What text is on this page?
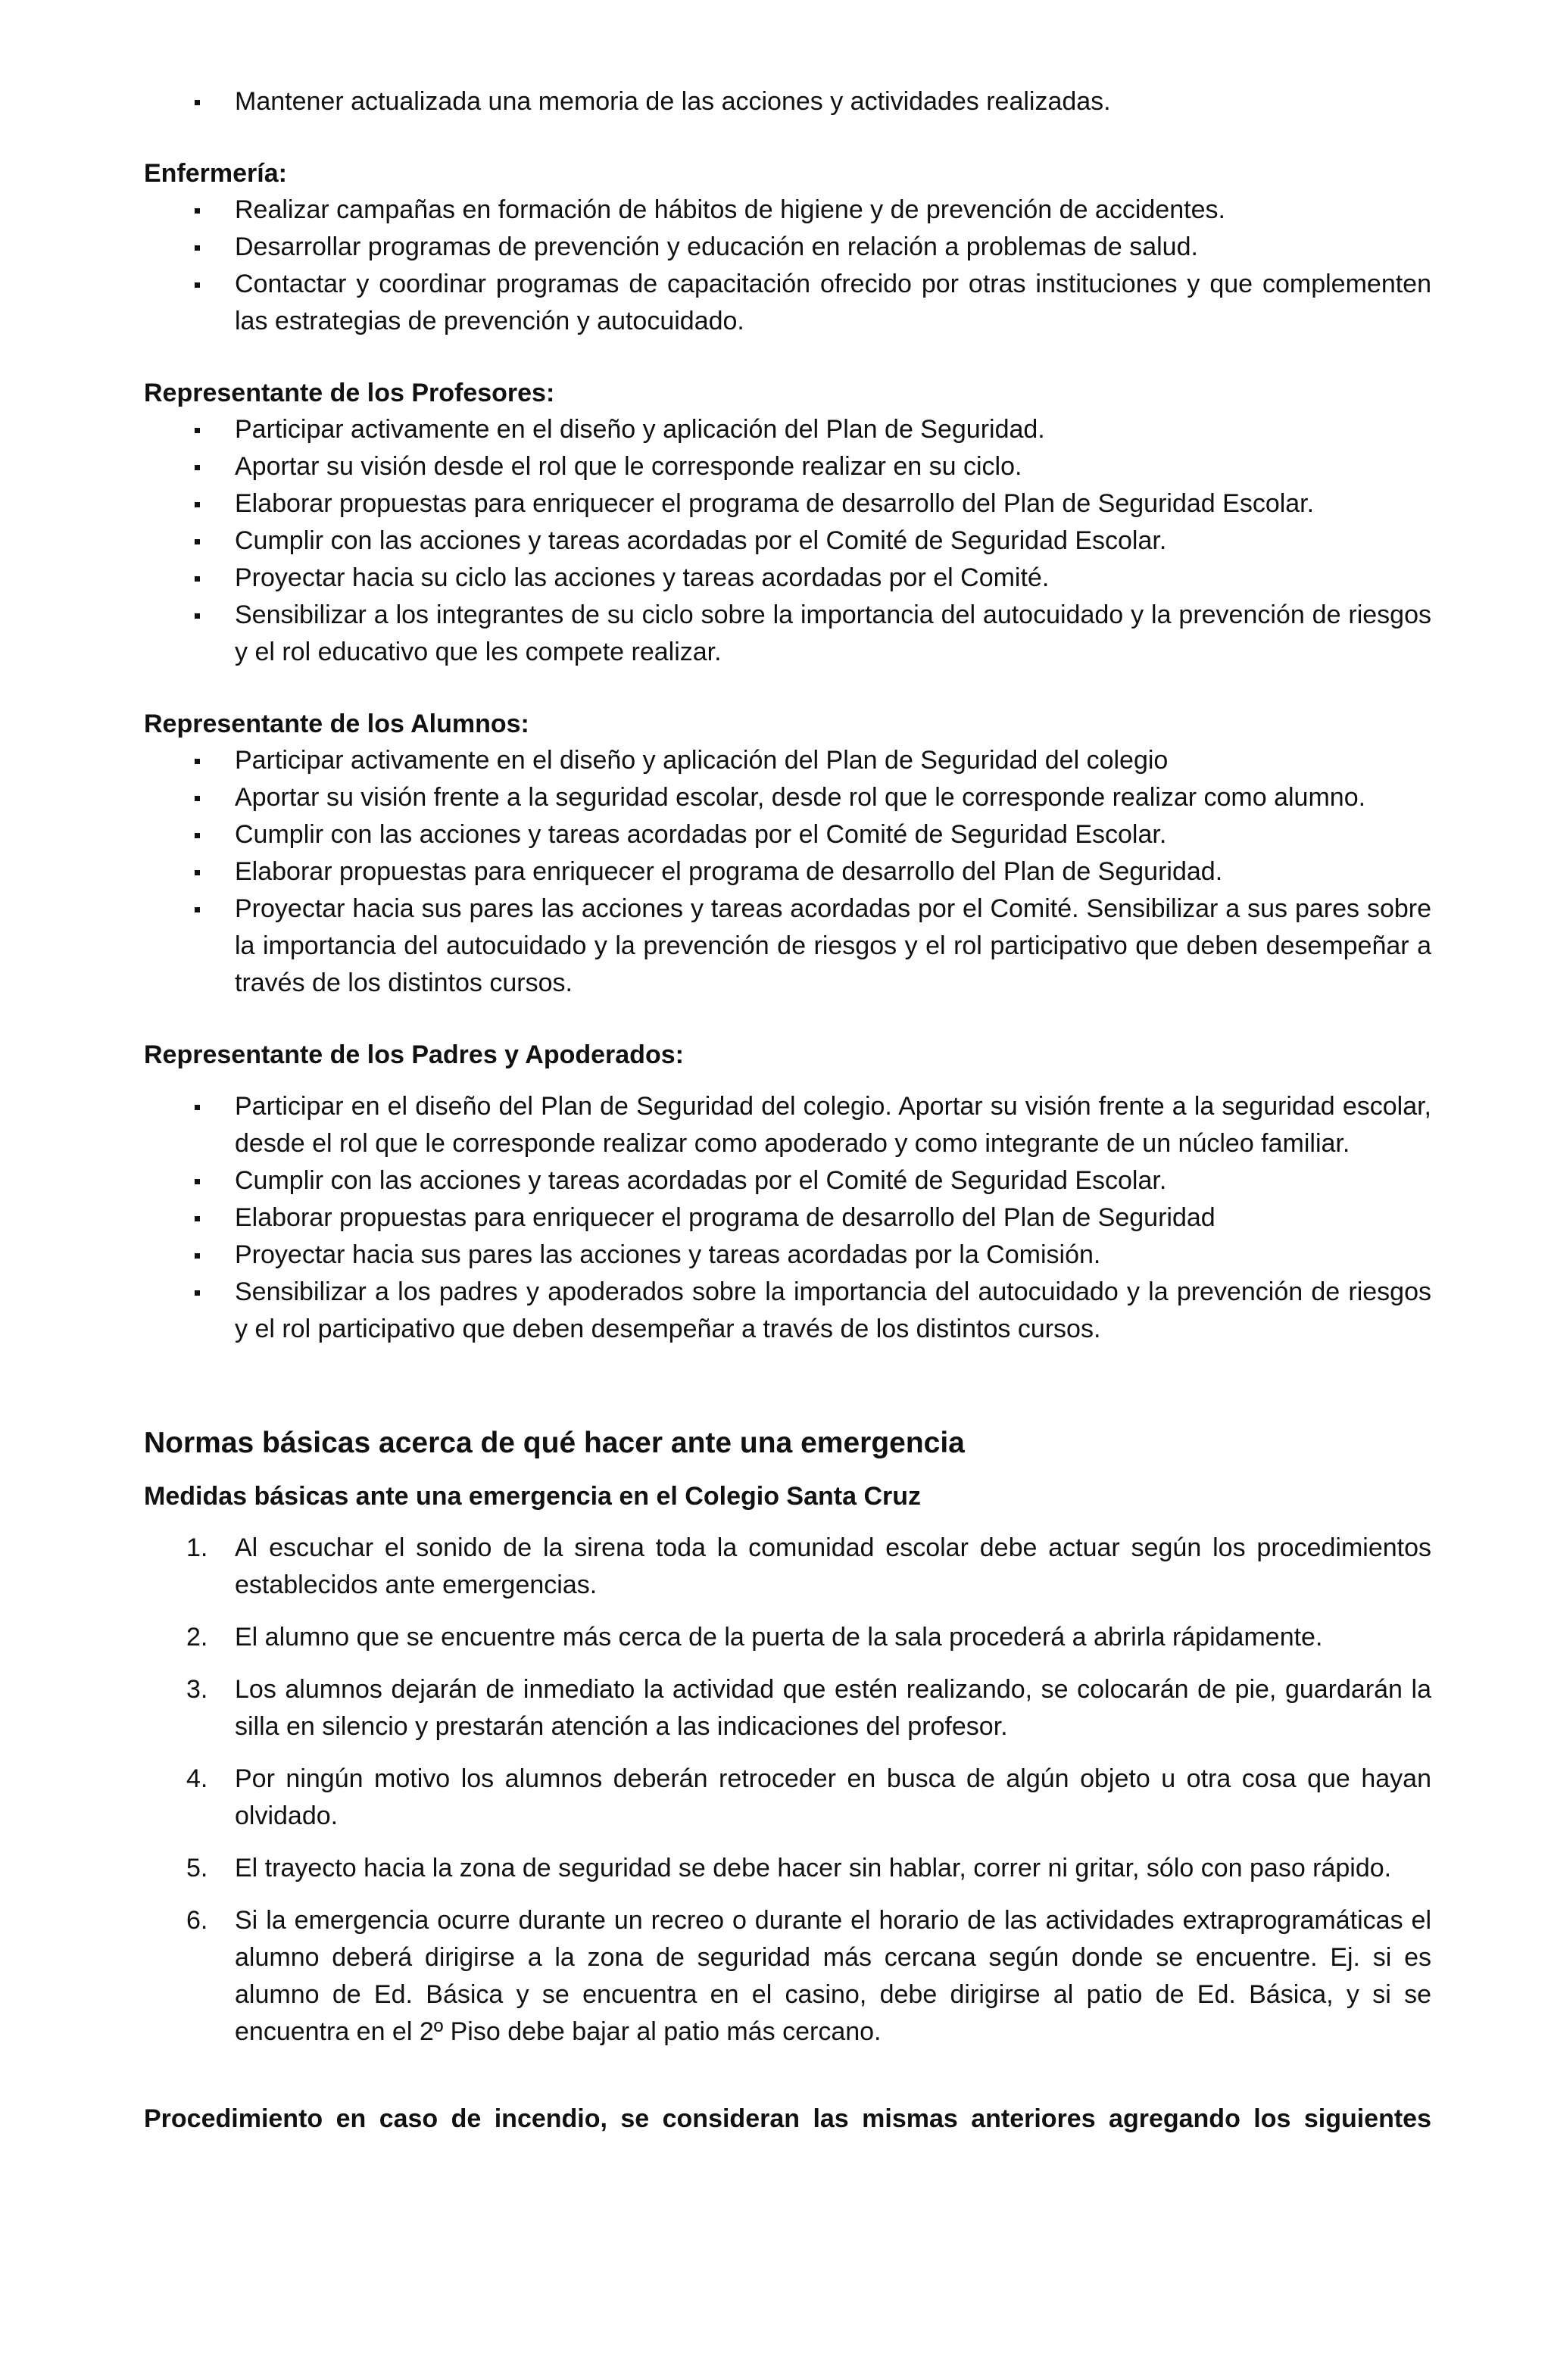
Mantener actualizada una memoria de las acciones y actividades realizadas.

Enfermería:

Realizar campañas en formación de hábitos de higiene y de prevención de accidentes.
Desarrollar programas de prevención y educación en relación a problemas de salud.
Contactar y coordinar programas de capacitación ofrecido por otras instituciones y que complementen las estrategias de prevención y autocuidado.

Representante de los Profesores:

Participar activamente en el diseño y aplicación del Plan de Seguridad.
Aportar su visión desde el rol que le corresponde realizar en su ciclo.
Elaborar propuestas para enriquecer el programa de desarrollo del Plan de Seguridad Escolar.
Cumplir con las acciones y tareas acordadas por el Comité de Seguridad Escolar.
Proyectar hacia su ciclo las acciones y tareas acordadas por el Comité.
Sensibilizar a los integrantes de su ciclo sobre la importancia del autocuidado y la prevención de riesgos y el rol educativo que les compete realizar.

Representante de los Alumnos:

Participar activamente en el diseño y aplicación del Plan de Seguridad del colegio
Aportar su visión frente a la seguridad escolar, desde rol que le corresponde realizar como alumno.
Cumplir con las acciones y tareas acordadas por el Comité de Seguridad Escolar.
Elaborar propuestas para enriquecer el programa de desarrollo del Plan de Seguridad.
Proyectar hacia sus pares las acciones y tareas acordadas por el Comité. Sensibilizar a sus pares sobre la importancia del autocuidado y la prevención de riesgos y el rol participativo que deben desempeñar a través de los distintos cursos.

Representante de los Padres y Apoderados:

Participar en el diseño del Plan de Seguridad del colegio. Aportar su visión frente a la seguridad escolar, desde el rol que le corresponde realizar como apoderado y como integrante de un núcleo familiar.
Cumplir con las acciones y tareas acordadas por el Comité de Seguridad Escolar.
Elaborar propuestas para enriquecer el programa de desarrollo del Plan de Seguridad
Proyectar hacia sus pares las acciones y tareas acordadas por la Comisión.
Sensibilizar a los padres y apoderados sobre la importancia del autocuidado y la prevención de riesgos y el rol participativo que deben desempeñar a través de los distintos cursos.

Normas básicas acerca de qué hacer ante una emergencia

Medidas básicas ante una emergencia en el Colegio Santa Cruz

1. Al escuchar el sonido de la sirena toda la comunidad escolar debe actuar según los procedimientos establecidos ante emergencias.
2. El alumno que se encuentre más cerca de la puerta de la sala procederá a abrirla rápidamente.
3. Los alumnos dejarán de inmediato la actividad que estén realizando, se colocarán de pie, guardarán la silla en silencio y prestarán atención a las indicaciones del profesor.
4. Por ningún motivo los alumnos deberán retroceder en busca de algún objeto u otra cosa que hayan olvidado.
5. El trayecto hacia la zona de seguridad se debe hacer sin hablar, correr ni gritar, sólo con paso rápido.
6. Si la emergencia ocurre durante un recreo o durante el horario de las actividades extraprogramáticas el alumno deberá dirigirse a la zona de seguridad más cercana según donde se encuentre. Ej. si es alumno de Ed. Básica y se encuentra en el casino, debe dirigirse al patio de Ed. Básica, y si se encuentra en el 2º Piso debe bajar al patio más cercano.

Procedimiento en caso de incendio, se consideran las mismas anteriores agregando los siguientes
